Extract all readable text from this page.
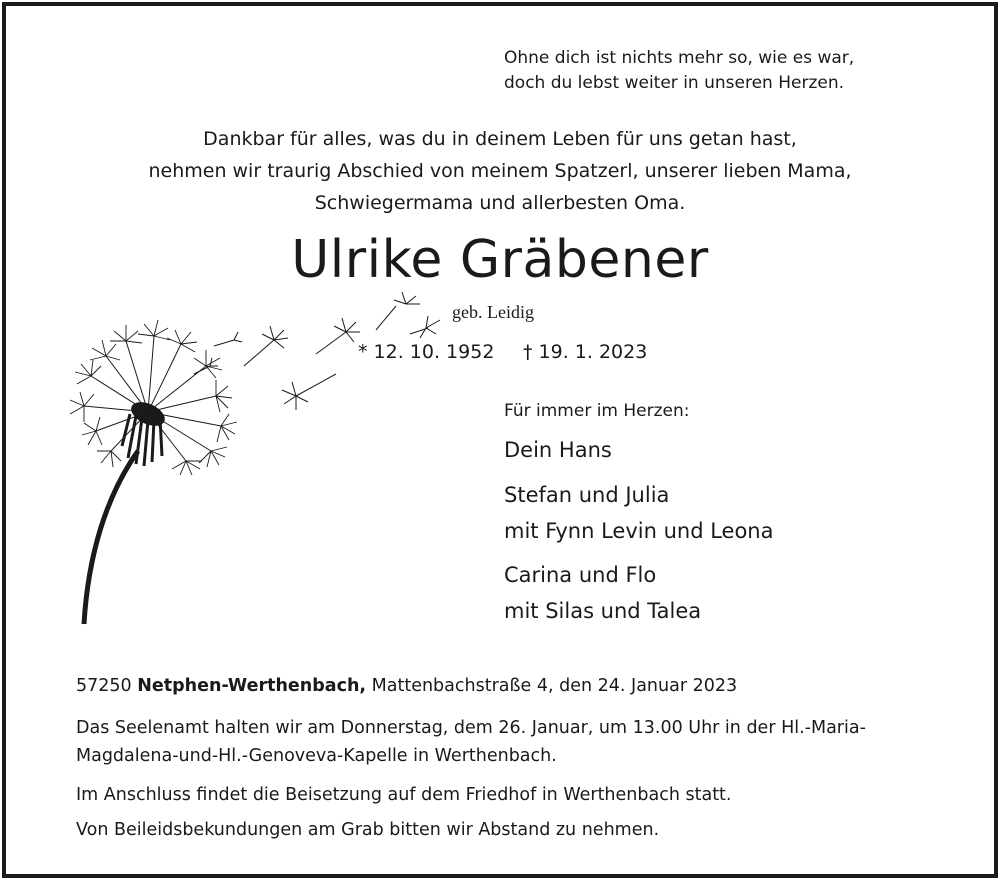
Ohne dich ist nichts mehr so, wie es war,
doch du lebst weiter in unseren Herzen.
Dankbar für alles, was du in deinem Leben für uns getan hast,
nehmen wir traurig Abschied von meinem Spatzerl, unserer lieben Mama,
Schwiegermama und allerbesten Oma.
Ulrike Gräbener
geb. Leidig
* 12. 10. 1952 † 19. 1. 2023
Für immer im Herzen:
Dein Hans
Stefan und Julia
mit Fynn Levin und Leona
Carina und Flo
mit Silas und Talea
57250 Netphen-Werthenbach, Mattenbachstraße 4, den 24. Januar 2023
Das Seelenamt halten wir am Donnerstag, dem 26. Januar, um 13.00 Uhr in der Hl.-Maria-
Magdalena-und-Hl.-Genoveva-Kapelle in Werthenbach.
Im Anschluss findet die Beisetzung auf dem Friedhof in Werthenbach statt.
Von Beileidsbekundungen am Grab bitten wir Abstand zu nehmen.
